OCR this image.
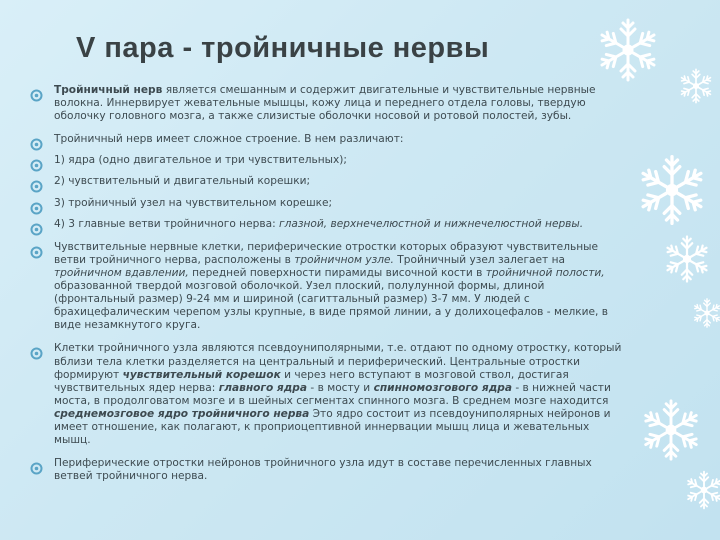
V пара - тройничные нервы
Тройничный нерв является смешанным и содержит двигательные и чувствительные нервные волокна. Иннервирует жевательные мышцы, кожу лица и переднего отдела головы, твердую оболочку головного мозга, а также слизистые оболочки носовой и ротовой полостей, зубы.
Тройничный нерв имеет сложное строение. В нем различают:
1) ядра (одно двигательное и три чувствительных);
2) чувствительный и двигательный корешки;
3) тройничный узел на чувствительном корешке;
4) 3 главные ветви тройничного нерва: глазной, верхнечелюстной и нижнечелюстной нервы.
Чувствительные нервные клетки, периферические отростки которых образуют чувствительные ветви тройничного нерва, расположены в тройничном узле. Тройничный узел залегает на тройничном вдавлении, передней поверхности пирамиды височной кости в тройничной полости, образованной твердой мозговой оболочкой. Узел плоский, полулунной формы, длиной (фронтальный размер) 9-24 мм и шириной (сагиттальный размер) 3-7 мм. У людей с брахицефалическим черепом узлы крупные, в виде прямой линии, а у долихоцефалов - мелкие, в виде незамкнутого круга.
Клетки тройничного узла являются псевдоуниполярными, т.е. отдают по одному отростку, который вблизи тела клетки разделяется на центральный и периферический. Центральные отростки формируют чувствительный корешок и через него вступают в мозговой ствол, достигая чувствительных ядер нерва: главного ядра - в мосту и спинномозгового ядра - в нижней части моста, в продолговатом мозге и в шейных сегментах спинного мозга. В среднем мозге находится среднемозговое ядро тройничного нерва Это ядро состоит из псевдоуниполярных нейронов и имеет отношение, как полагают, к проприоцептивной иннервации мышц лица и жевательных мышц.
Периферические отростки нейронов тройничного узла идут в составе перечисленных главных ветвей тройничного нерва.
